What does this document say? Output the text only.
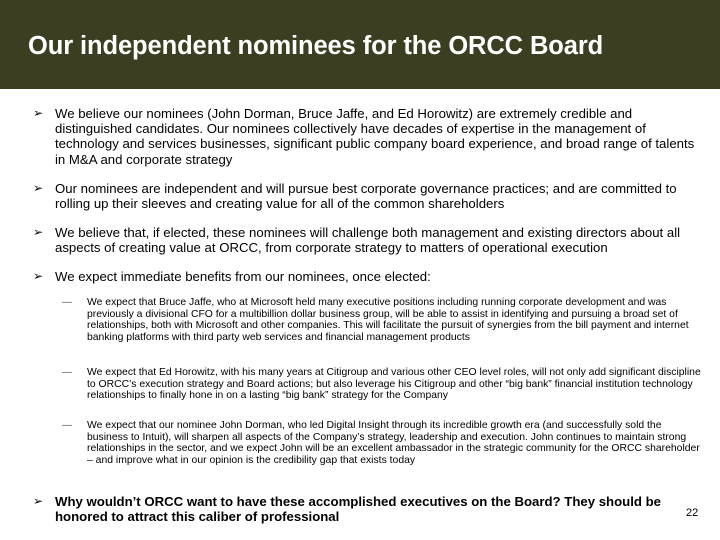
Our independent nominees for the ORCC Board
➢ We believe our nominees (John Dorman, Bruce Jaffe, and Ed Horowitz) are extremely credible and distinguished candidates. Our nominees collectively have decades of expertise in the management of technology and services businesses, significant public company board experience, and broad range of talents in M&A and corporate strategy
➢ Our nominees are independent and will pursue best corporate governance practices; and are committed to rolling up their sleeves and creating value for all of the common shareholders
➢ We believe that, if elected, these nominees will challenge both management and existing directors about all aspects of creating value at ORCC, from corporate strategy to matters of operational execution
➢ We expect immediate benefits from our nominees, once elected:
—	We expect that Bruce Jaffe, who at Microsoft held many executive positions including running corporate development and was previously a divisional CFO for a multibillion dollar business group, will be able to assist in identifying and pursuing a broad set of relationships, both with Microsoft and other companies. This will facilitate the pursuit of synergies from the bill payment and internet banking platforms with third party web services and financial management products
—	We expect that Ed Horowitz, with his many years at Citigroup and various other CEO level roles, will not only add significant discipline to ORCC’s execution strategy and Board actions; but also leverage his Citigroup and other “big bank” financial institution technology relationships to finally hone in on a lasting “big bank” strategy for the Company
—	We expect that our nominee John Dorman, who led Digital Insight through its incredible growth era (and successfully sold the business to Intuit), will sharpen all aspects of the Company’s strategy, leadership and execution. John continues to maintain strong relationships in the sector, and we expect John will be an excellent ambassador in the strategic community for the ORCC shareholder – and improve what in our opinion is the credibility gap that exists today
➢ Why wouldn’t ORCC want to have these accomplished executives on the Board? They should be honored to attract this caliber of professional	22
